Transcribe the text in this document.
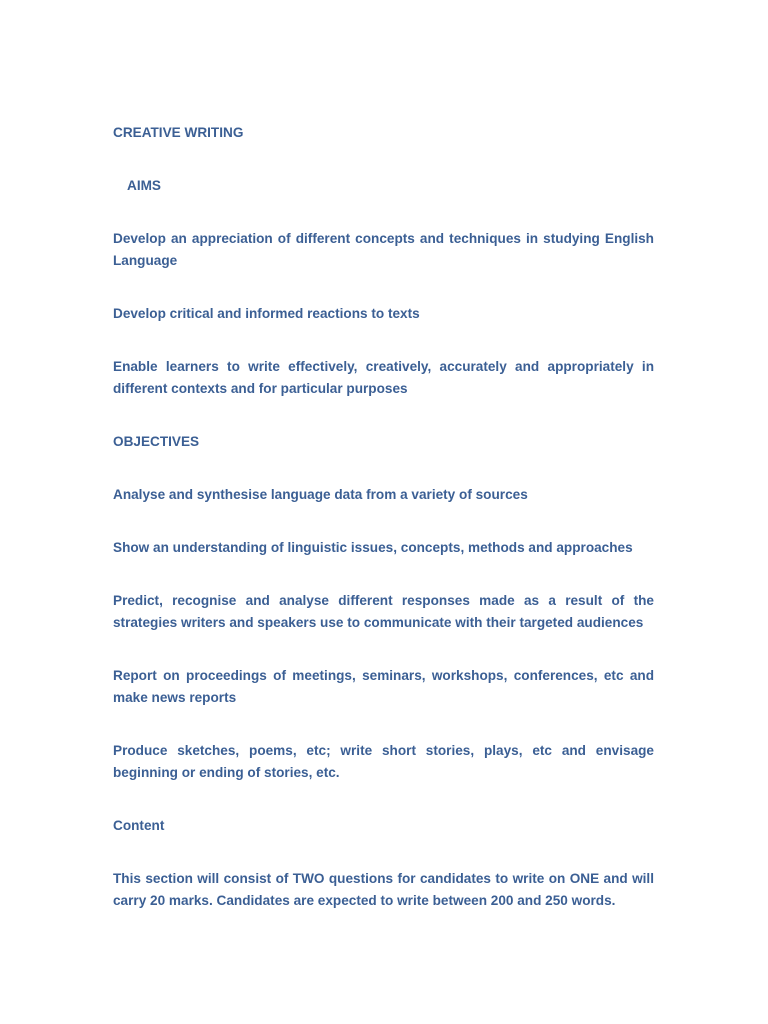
CREATIVE WRITING

AIMS

Develop an appreciation of different concepts and techniques in studying English Language

Develop critical and informed reactions to texts

Enable learners to write effectively, creatively, accurately and appropriately in different contexts and for particular purposes

OBJECTIVES

Analyse and synthesise language data from a variety of sources

Show an understanding of linguistic issues, concepts, methods and approaches

Predict, recognise and analyse different responses made as a result of the strategies writers and speakers use to communicate with their targeted audiences

Report on proceedings of meetings, seminars, workshops, conferences, etc and make news reports

Produce sketches, poems, etc; write short stories, plays, etc and envisage beginning or ending of stories, etc.

Content

This section will consist of TWO questions for candidates to write on ONE and will carry 20 marks. Candidates are expected to write between 200 and 250 words.
